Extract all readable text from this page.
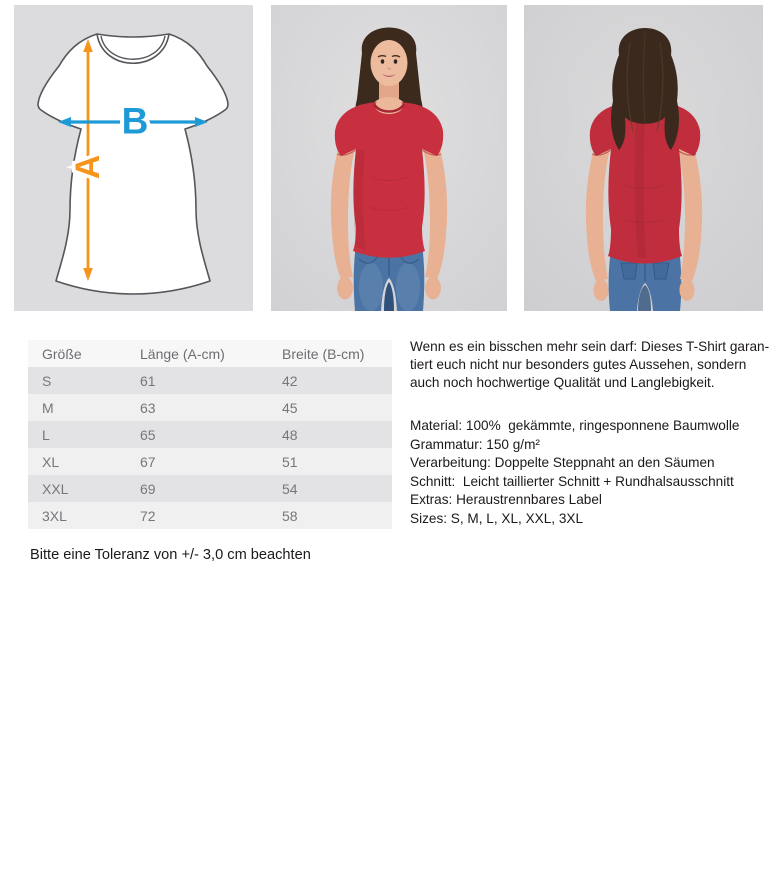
A
B
Größe	Länge (A-cm)	Breite (B-cm)
S	61	42
M	63	45
L	65	48
XL	67	51
XXL	69	54
3XL	72	58
Wenn es ein bisschen mehr sein darf: Dieses T-Shirt garan-
tiert euch nicht nur besonders gutes Aussehen, sondern
auch noch hochwertige Qualität und Langlebigkeit.
Material: 100%  gekämmte, ringesponnene Baumwolle
Grammatur: 150 g/m²
Verarbeitung: Doppelte Steppnaht an den Säumen
Schnitt:  Leicht taillierter Schnitt + Rundhalsausschnitt
Extras: Heraustrennbares Label
Sizes: S, M, L, XL, XXL, 3XL
Bitte eine Toleranz von +/- 3,0 cm beachten
